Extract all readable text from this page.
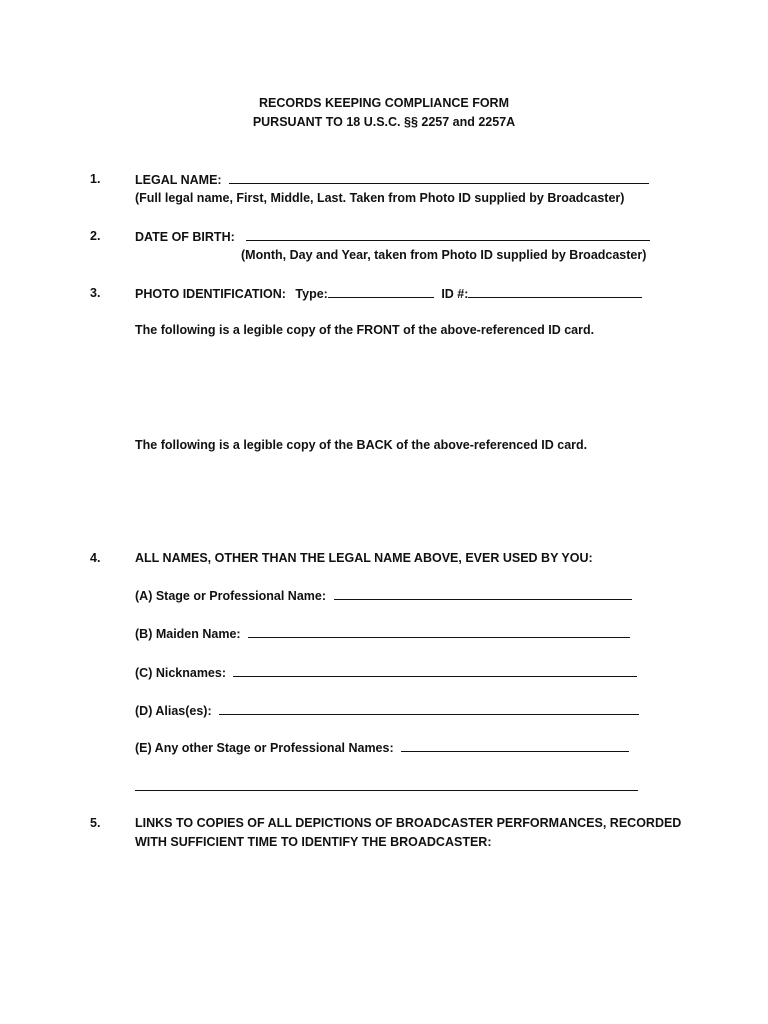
RECORDS KEEPING COMPLIANCE FORM
PURSUANT TO 18 U.S.C. §§ 2257 and 2257A
1.	LEGAL NAME:
(Full legal name, First, Middle, Last. Taken from Photo ID supplied by Broadcaster)
2.	DATE OF BIRTH:
(Month, Day and Year, taken from Photo ID supplied by Broadcaster)
3.	PHOTO IDENTIFICATION: Type:	ID #:
The following is a legible copy of the FRONT of the above-referenced ID card.
The following is a legible copy of the BACK of the above-referenced ID card.
4.	ALL NAMES, OTHER THAN THE LEGAL NAME ABOVE, EVER USED BY YOU:
(A) Stage or Professional Name:
(B) Maiden Name:
(C) Nicknames:
(D) Alias(es):
(E) Any other Stage or Professional Names:
5.	LINKS TO COPIES OF ALL DEPICTIONS OF BROADCASTER PERFORMANCES, RECORDED
WITH SUFFICIENT TIME TO IDENTIFY THE BROADCASTER:
